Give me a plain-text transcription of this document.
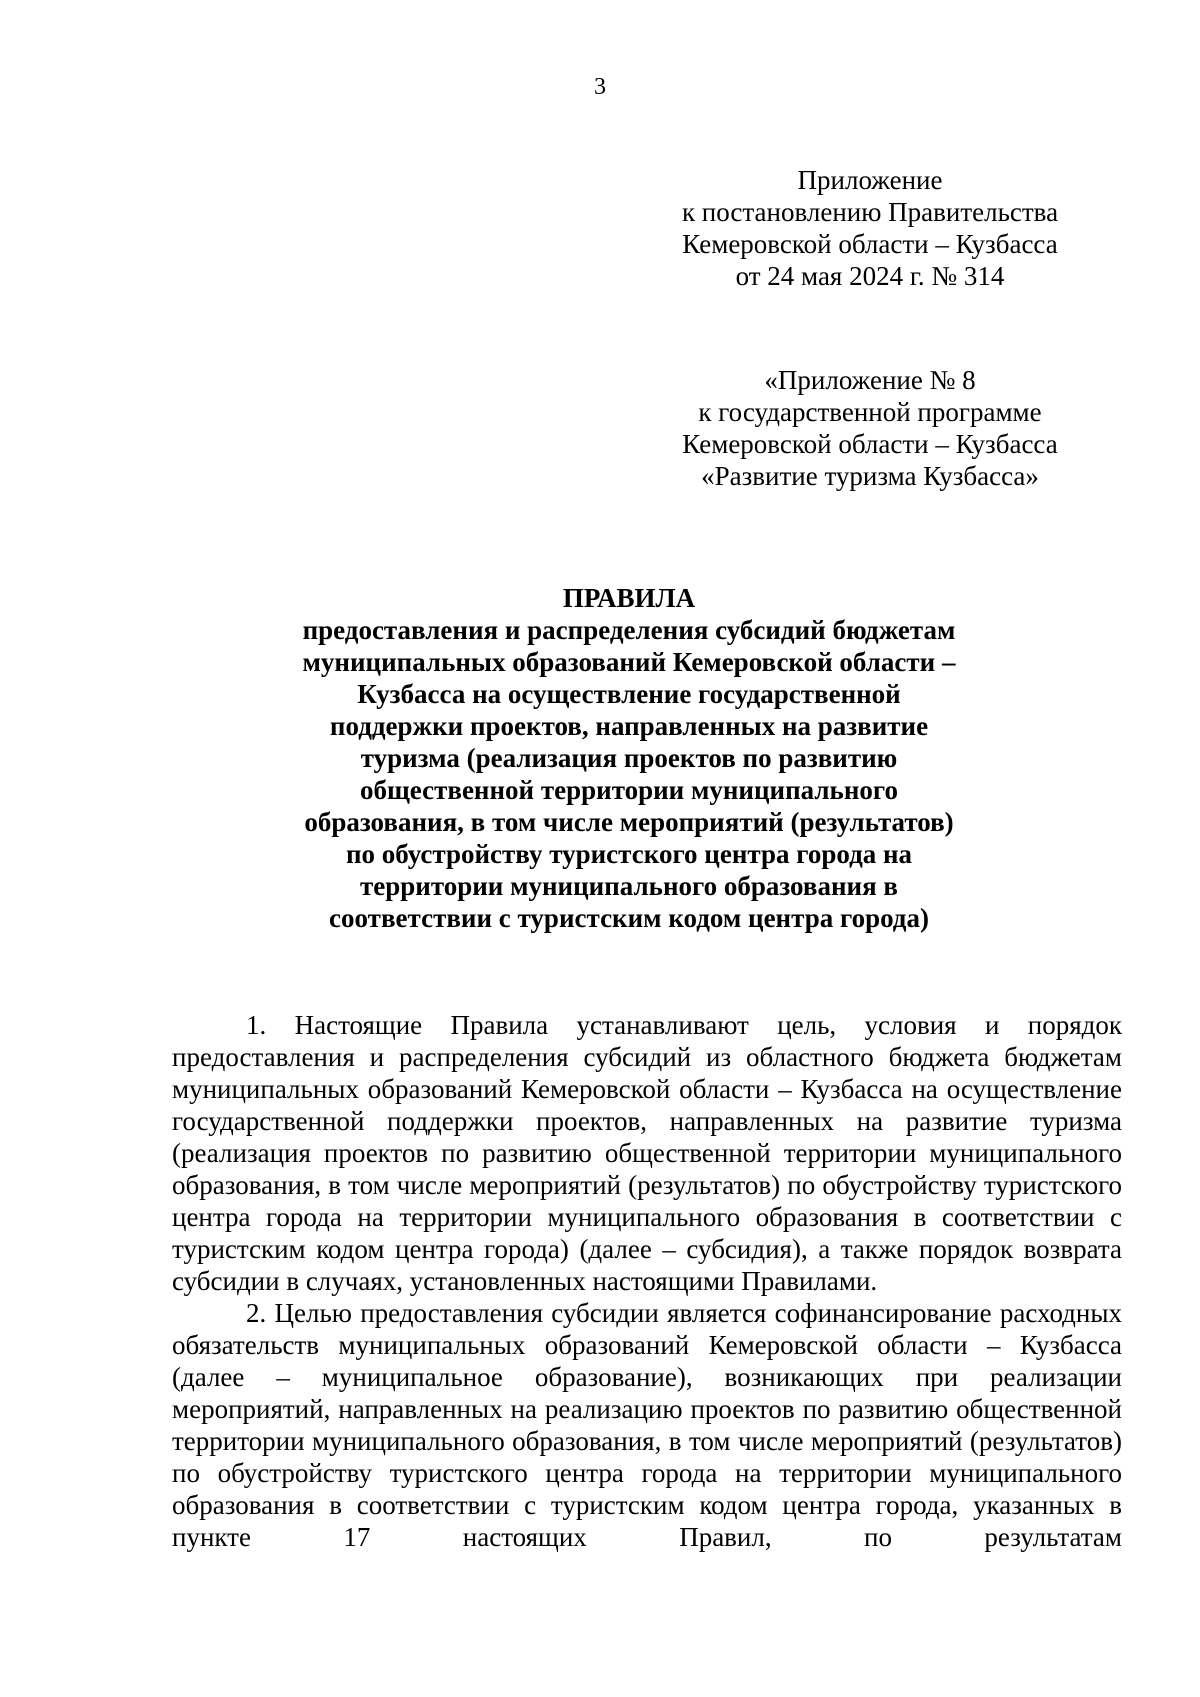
3
Приложение
к постановлению Правительства
Кемеровской области – Кузбасса
от 24 мая 2024 г. № 314
«Приложение № 8
к государственной программе
Кемеровской области – Кузбасса
«Развитие туризма Кузбасса»
ПРАВИЛА
предоставления и распределения субсидий бюджетам
муниципальных образований Кемеровской области –
Кузбасса на осуществление государственной
поддержки проектов, направленных на развитие
туризма (реализация проектов по развитию
общественной территории муниципального
образования, в том числе мероприятий (результатов)
по обустройству туристского центра города на
территории муниципального образования в
соответствии с туристским кодом центра города)

1. Настоящие Правила устанавливают цель, условия и порядок предоставления и распределения субсидий из областного бюджета бюджетам муниципальных образований Кемеровской области – Кузбасса на осуществление государственной поддержки проектов, направленных на развитие туризма (реализация проектов по развитию общественной территории муниципального образования, в том числе мероприятий (результатов) по обустройству туристского центра города на территории муниципального образования в соответствии с туристским кодом центра города) (далее – субсидия), а также порядок возврата субсидии в случаях, установленных настоящими Правилами.

2. Целью предоставления субсидии является софинансирование расходных обязательств муниципальных образований Кемеровской области – Кузбасса (далее – муниципальное образование), возникающих при реализации мероприятий, направленных на реализацию проектов по развитию общественной территории муниципального образования, в том числе мероприятий (результатов) по обустройству туристского центра города на территории муниципального образования в соответствии с туристским кодом центра города, указанных в пункте 17 настоящих Правил, по результатам
